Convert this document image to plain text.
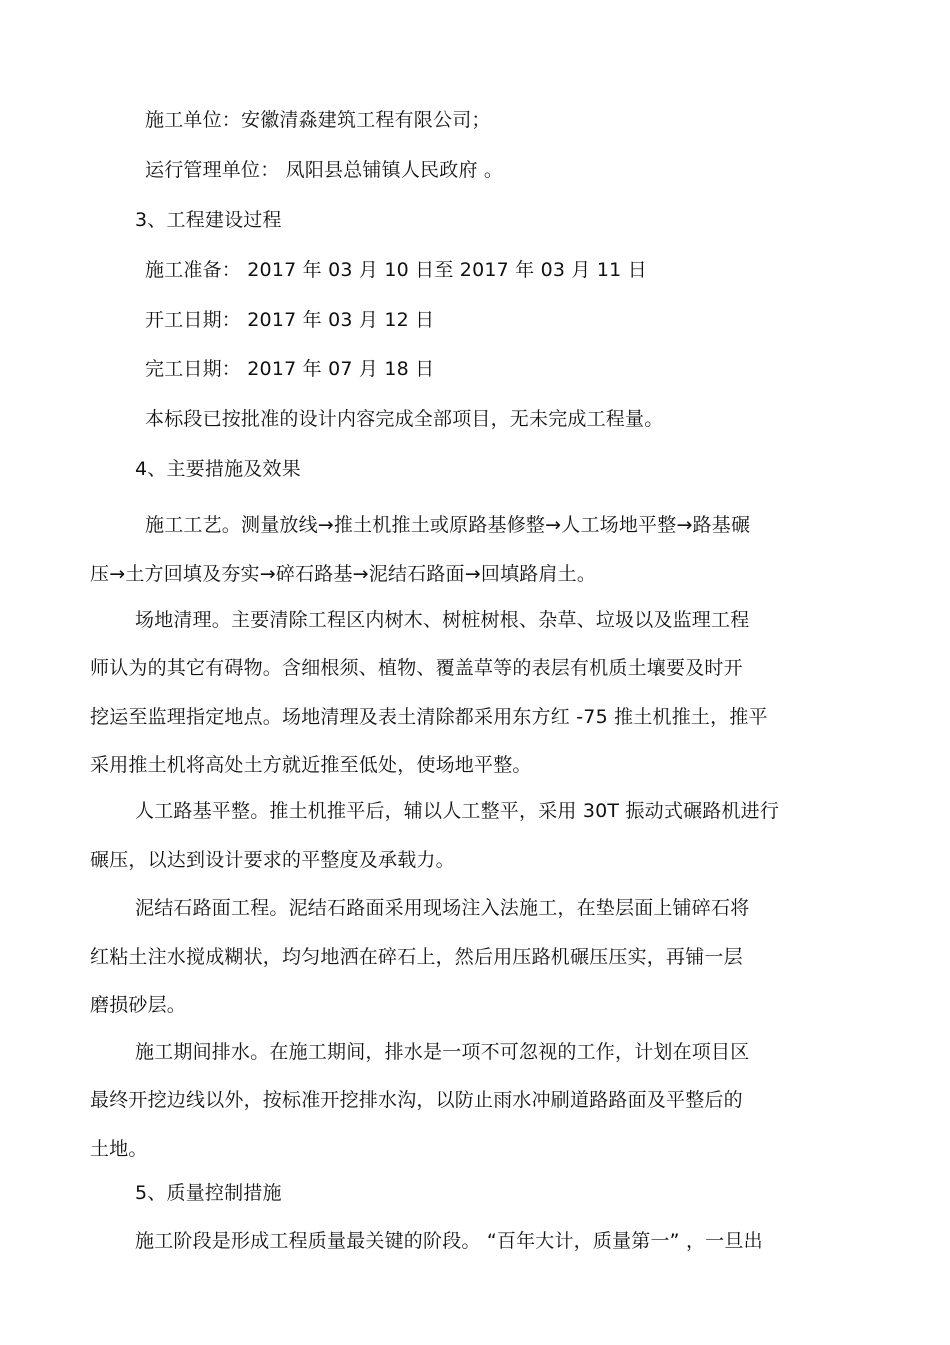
施工单位：安徽清淼建筑工程有限公司；
运行管理单位： 凤阳县总铺镇人民政府 。
3、工程建设过程
施工准备： 2017 年 03 月 10 日至 2017 年 03 月 11 日
开工日期： 2017 年 03 月 12 日
完工日期： 2017 年 07 月 18 日
本标段已按批准的设计内容完成全部项目，无未完成工程量。
4、主要措施及效果
施工工艺。测量放线→推土机推土或原路基修整→人工场地平整→路基碾
压→土方回填及夯实→碎石路基→泥结石路面→回填路肩土。
场地清理。主要清除工程区内树木、树桩树根、杂草、垃圾以及监理工程
师认为的其它有碍物。含细根须、植物、覆盖草等的表层有机质土壤要及时开
挖运至监理指定地点。场地清理及表土清除都采用东方红 -75 推土机推土，推平
采用推土机将高处土方就近推至低处，使场地平整。
人工路基平整。推土机推平后，辅以人工整平，采用 30T 振动式碾路机进行
碾压，以达到设计要求的平整度及承载力。
泥结石路面工程。泥结石路面采用现场注入法施工，在垫层面上铺碎石将
红粘土注水搅成糊状，均匀地洒在碎石上，然后用压路机碾压压实，再铺一层
磨损砂层。
施工期间排水。在施工期间，排水是一项不可忽视的工作，计划在项目区
最终开挖边线以外，按标准开挖排水沟，以防止雨水冲刷道路路面及平整后的
土地。
5、质量控制措施
施工阶段是形成工程质量最关键的阶段。 “百年大计，质量第一” ，一旦出
